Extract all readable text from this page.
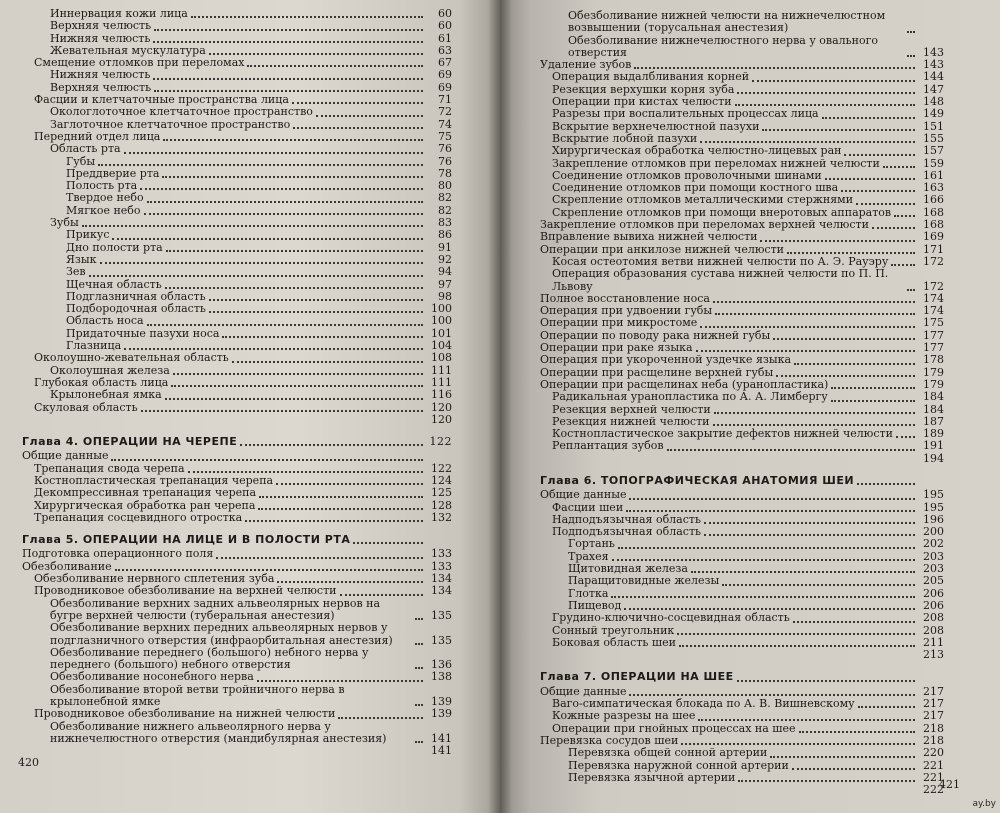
Иннервация кожи лица	60
Верхняя челюсть	60
Нижняя челюсть	61
Жевательная мускулатура	63
Смещение отломков при переломах	67
Нижняя челюсть	69
Верхняя челюсть	69
Фасции и клетчаточные пространства лица	71
Окологлоточное клетчаточное пространство	72
Заглоточное клетчаточное пространство	74
Передний отдел лица	75
Область рта	76
Губы	76
Преддверие рта	78
Полость рта	80
Твердое небо	82
Мягкое небо	82
Зубы	83
Прикус	86
Дно полости рта	91
Язык	92
Зев	94
Щечная область	97
Подглазничная область	98
Подбородочная область	100
Область носа	100
Придаточные пазухи носа	101
Глазница	104
Околоушно-жевательная область	108
Околоушная железа	111
Глубокая область лица	111
Крылонебная ямка	116
Скуловая область	120
120
Глава 4. ОПЕРАЦИИ НА ЧЕРЕПЕ	122
Общие данные
Трепанация свода черепа	122
Костнопластическая трепанация черепа	124
Декомпрессивная трепанация черепа	125
Хирургическая обработка ран черепа	128
Трепанация сосцевидного отростка	132
Глава 5. ОПЕРАЦИИ НА ЛИЦЕ И В ПОЛОСТИ РТА
Подготовка операционного поля	133
Обезболивание	133
Обезболивание нервного сплетения зуба	134
Проводниковое обезболивание на верхней челюсти	134
Обезболивание верхних задних альвеолярных нервов на бугре верхней челюсти (туберальная анестезия)	135
Обезболивание верхних передних альвеолярных нервов у подглазничного отверстия (инфраорбитальная анестезия)	135
Обезболивание переднего (большого) небного нерва у переднего (большого) небного отверстия	136
Обезболивание носонебного нерва	138
Обезболивание второй ветви тройничного нерва в крылонебной ямке	139
Проводниковое обезболивание на нижней челюсти	139
Обезболивание нижнего альвеолярного нерва у нижнечелюстного отверстия (мандибулярная анестезия)	141
141
420
Обезболивание нижней челюсти на нижнечелюстном возвышении (торусальная анестезия)
Обезболивание нижнечелюстного нерва у овального отверстия	143
Удаление зубов	143
Операция выдалбливания корней	144
Резекция верхушки корня зуба	147
Операции при кистах челюсти	148
Разрезы при воспалительных процессах лица	149
Вскрытие верхнечелюстной пазухи	151
Вскрытие лобной пазухи	155
Хирургическая обработка челюстно-лицевых ран	157
Закрепление отломков при переломах нижней челюсти	159
Соединение отломков проволочными шинами	161
Соединение отломков при помощи костного шва	163
Скрепление отломков металлическими стержнями	166
Скрепление отломков при помощи внеротовых аппаратов	168
Закрепление отломков при переломах верхней челюсти	168
Вправление вывиха нижней челюсти	169
Операции при анкилозе нижней челюсти	171
Косая остеотомия ветви нижней челюсти по А. Э. Рауэру	172
Операция образования сустава нижней челюсти по П. П. Львову	172
Полное восстановление носа	174
Операция при удвоении губы	174
Операции при микростоме	175
Операции по поводу рака нижней губы	177
Операции при раке языка	177
Операция при укороченной уздечке языка	178
Операции при расщелине верхней губы	179
Операции при расщелинах неба (уранопластика)	179
Радикальная уранопластика по А. А. Лимбергу	184
Резекция верхней челюсти	184
Резекция нижней челюсти	187
Костнопластическое закрытие дефектов нижней челюсти	189
Реплантация зубов	191
194
Глава 6. ТОПОГРАФИЧЕСКАЯ АНАТОМИЯ ШЕИ
Общие данные	195
Фасции шеи	195
Надподъязычная область	196
Подподъязычная область	200
Гортань	202
Трахея	203
Щитовидная железа	203
Паращитовидные железы	205
Глотка	206
Пищевод	206
Грудино-ключично-сосцевидная область	208
Сонный треугольник	208
Боковая область шеи	211
213
Глава 7. ОПЕРАЦИИ НА ШЕЕ
Общие данные	217
Ваго-симпатическая блокада по А. В. Вишневскому	217
Кожные разрезы на шее	217
Операции при гнойных процессах на шее	218
Перевязка сосудов шеи	218
Перевязка общей сонной артерии	220
Перевязка наружной сонной артерии	221
Перевязка язычной артерии	221
222
421
ay.by
